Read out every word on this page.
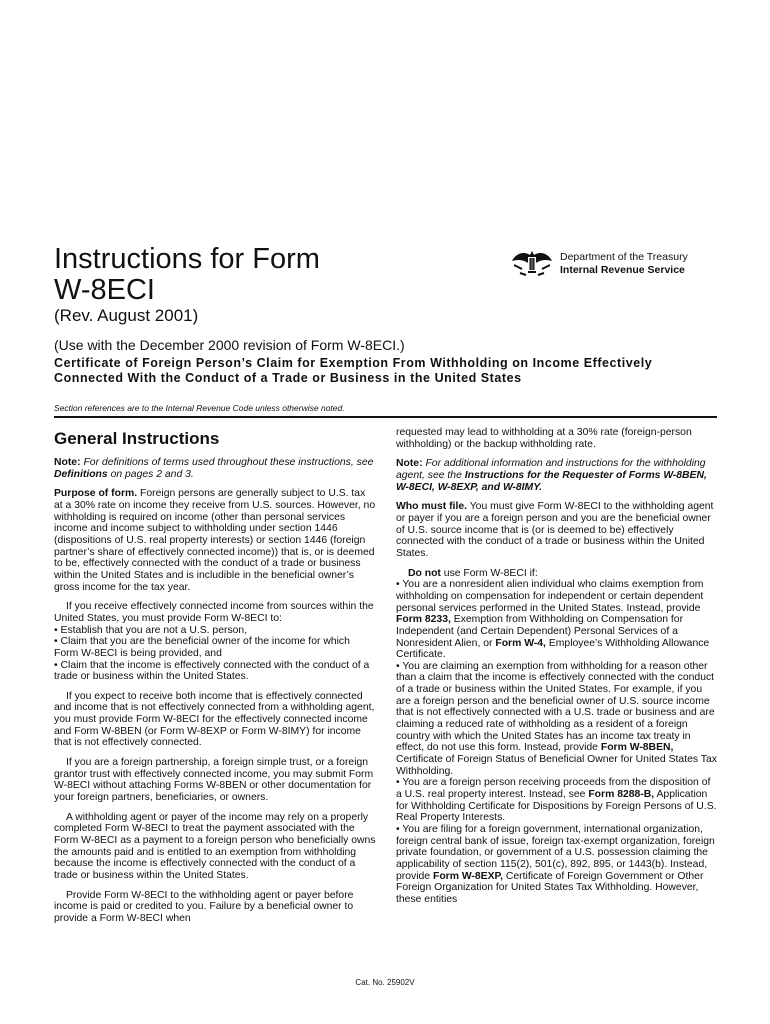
Instructions for Form
W-8ECI
Department of the Treasury
Internal Revenue Service
(Rev. August 2001)
(Use with the December 2000 revision of Form W-8ECI.)
Certificate of Foreign Person’s Claim for Exemption From Withholding on Income Effectively Connected With the Conduct of a Trade or Business in the United States
Section references are to the Internal Revenue Code unless otherwise noted.

General Instructions

Note: For definitions of terms used throughout these instructions, see Definitions on pages 2 and 3.

Purpose of form. Foreign persons are generally subject to U.S. tax at a 30% rate on income they receive from U.S. sources. However, no withholding is required on income (other than personal services income and income subject to withholding under section 1446 (dispositions of U.S. real property interests) or section 1446 (foreign partner’s share of effectively connected income)) that is, or is deemed to be, effectively connected with the conduct of a trade or business within the United States and is includible in the beneficial owner’s gross income for the tax year.

If you receive effectively connected income from sources within the United States, you must provide Form W-8ECI to:

• Establish that you are not a U.S. person,

• Claim that you are the beneficial owner of the income for which Form W-8ECI is being provided, and

• Claim that the income is effectively connected with the conduct of a trade or business within the United States.

If you expect to receive both income that is effectively connected and income that is not effectively connected from a withholding agent, you must provide Form W-8ECI for the effectively connected income and Form W-8BEN (or Form W-8EXP or Form W-8IMY) for income that is not effectively connected.

If you are a foreign partnership, a foreign simple trust, or a foreign grantor trust with effectively connected income, you may submit Form W-8ECI without attaching Forms W-8BEN or other documentation for your foreign partners, beneficiaries, or owners.

A withholding agent or payer of the income may rely on a properly completed Form W-8ECI to treat the payment associated with the Form W-8ECI as a payment to a foreign person who beneficially owns the amounts paid and is entitled to an exemption from withholding because the income is effectively connected with the conduct of a trade or business within the United States.

Provide Form W-8ECI to the withholding agent or payer before income is paid or credited to you. Failure by a beneficial owner to provide a Form W-8ECI when

requested may lead to withholding at a 30% rate (foreign-person withholding) or the backup withholding rate.

Note: For additional information and instructions for the withholding agent, see the Instructions for the Requester of Forms W-8BEN, W-8ECI, W-8EXP, and W-8IMY.

Who must file. You must give Form W-8ECI to the withholding agent or payer if you are a foreign person and you are the beneficial owner of U.S. source income that is (or is deemed to be) effectively connected with the conduct of a trade or business within the United States.

Do not use Form W-8ECI if:

• You are a nonresident alien individual who claims exemption from withholding on compensation for independent or certain dependent personal services performed in the United States. Instead, provide Form 8233, Exemption from Withholding on Compensation for Independent (and Certain Dependent) Personal Services of a Nonresident Alien, or Form W-4, Employee’s Withholding Allowance Certificate.

• You are claiming an exemption from withholding for a reason other than a claim that the income is effectively connected with the conduct of a trade or business within the United States. For example, if you are a foreign person and the beneficial owner of U.S. source income that is not effectively connected with a U.S. trade or business and are claiming a reduced rate of withholding as a resident of a foreign country with which the United States has an income tax treaty in effect, do not use this form. Instead, provide Form W-8BEN, Certificate of Foreign Status of Beneficial Owner for United States Tax Withholding.

• You are a foreign person receiving proceeds from the disposition of a U.S. real property interest. Instead, see Form 8288-B, Application for Withholding Certificate for Dispositions by Foreign Persons of U.S. Real Property Interests.

• You are filing for a foreign government, international organization, foreign central bank of issue, foreign tax-exempt organization, foreign private foundation, or government of a U.S. possession claiming the applicability of section 115(2), 501(c), 892, 895, or 1443(b). Instead, provide Form W-8EXP, Certificate of Foreign Government or Other Foreign Organization for United States Tax Withholding. However, these entities

Cat. No. 25902V
